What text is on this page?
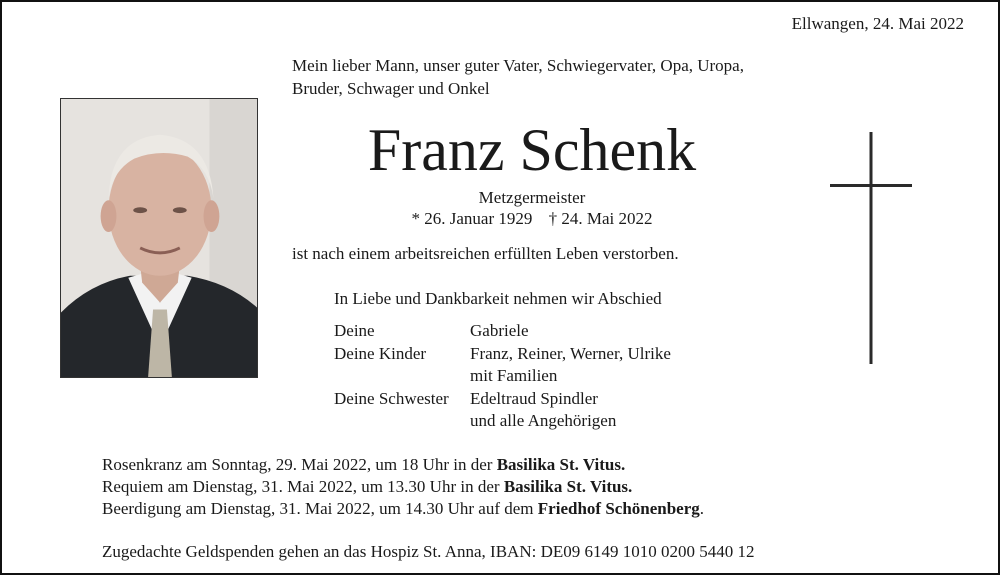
Ellwangen, 24. Mai 2022
Mein lieber Mann, unser guter Vater, Schwiegervater, Opa, Uropa,
Bruder, Schwager und Onkel
Franz Schenk
Metzgermeister
* 26. Januar 1929 † 24. Mai 2022
ist nach einem arbeitsreichen erfüllten Leben verstorben.
In Liebe und Dankbarkeit nehmen wir Abschied
Deine	Gabriele
Deine Kinder	Franz, Reiner, Werner, Ulrike
mit Familien
Deine Schwester	Edeltraud Spindler
und alle Angehörigen
Rosenkranz am Sonntag, 29. Mai 2022, um 18 Uhr in der Basilika St. Vitus.
Requiem am Dienstag, 31. Mai 2022, um 13.30 Uhr in der Basilika St. Vitus.
Beerdigung am Dienstag, 31. Mai 2022, um 14.30 Uhr auf dem Friedhof Schönenberg.
Zugedachte Geldspenden gehen an das Hospiz St. Anna, IBAN: DE09 6149 1010 0200 5440 12
